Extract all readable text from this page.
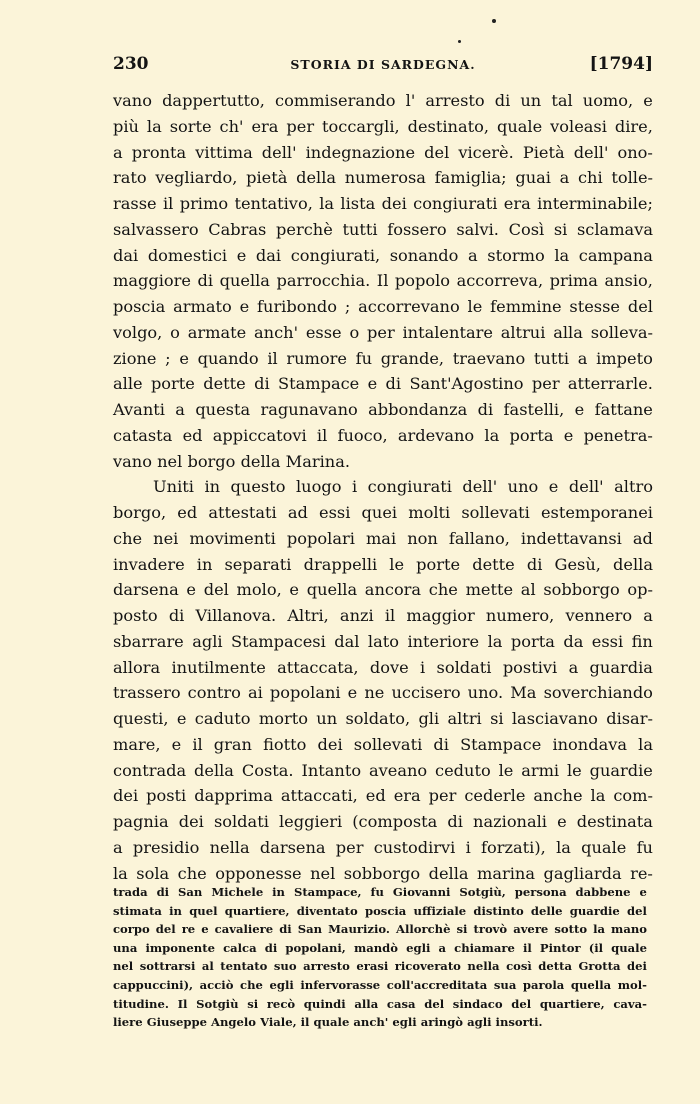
230	STORIA DI SARDEGNA.	[1794]
vano dappertutto, commiserando l' arresto di un tal uomo, e
più la sorte ch' era per toccargli, destinato, quale voleasi dire,
a pronta vittima dell' indegnazione del vicerè. Pietà dell' ono-
rato vegliardo, pietà della numerosa famiglia; guai a chi tolle-
rasse il primo tentativo, la lista dei congiurati era interminabile;
salvassero Cabras perchè tutti fossero salvi. Così si sclamava
dai domestici e dai congiurati, sonando a stormo la campana
maggiore di quella parrocchia. Il popolo accorreva, prima ansio,
poscia armato e furibondo ; accorrevano le femmine stesse del
volgo, o armate anch' esse o per intalentare altrui alla solleva-
zione ; e quando il rumore fu grande, traevano tutti a impeto
alle porte dette di Stampace e di Sant'Agostino per atterrarle.
Avanti a questa ragunavano abbondanza di fastelli, e fattane
catasta ed appiccatovi il fuoco, ardevano la porta e penetra-
vano nel borgo della Marina.
Uniti in questo luogo i congiurati dell' uno e dell' altro
borgo, ed attestati ad essi quei molti sollevati estemporanei
che nei movimenti popolari mai non fallano, indettavansi ad
invadere in separati drappelli le porte dette di Gesù, della
darsena e del molo, e quella ancora che mette al sobborgo op-
posto di Villanova. Altri, anzi il maggior numero, vennero a
sbarrare agli Stampacesi dal lato interiore la porta da essi fin
allora inutilmente attaccata, dove i soldati postivi a guardia
trassero contro ai popolani e ne uccisero uno. Ma soverchiando
questi, e caduto morto un soldato, gli altri si lasciavano disar-
mare, e il gran fiotto dei sollevati di Stampace inondava la
contrada della Costa. Intanto aveano ceduto le armi le guardie
dei posti dapprima attaccati, ed era per cederle anche la com-
pagnia dei soldati leggieri (composta di nazionali e destinata
a presidio nella darsena per custodirvi i forzati), la quale fu
la sola che opponesse nel sobborgo della marina gagliarda re-
trada di San Michele in Stampace, fu Giovanni Sotgiù, persona dabbene e
stimata in quel quartiere, diventato poscia uffiziale distinto delle guardie del
corpo del re e cavaliere di San Maurizio. Allorchè si trovò avere sotto la mano
una imponente calca di popolani, mandò egli a chiamare il Pintor (il quale
nel sottrarsi al tentato suo arresto erasi ricoverato nella così detta Grotta dei
cappuccini), acciò che egli infervorasse coll'accreditata sua parola quella mol-
titudine. Il Sotgiù si recò quindi alla casa del sindaco del quartiere, cava-
liere Giuseppe Angelo Viale, il quale anch' egli aringò agli insorti.
